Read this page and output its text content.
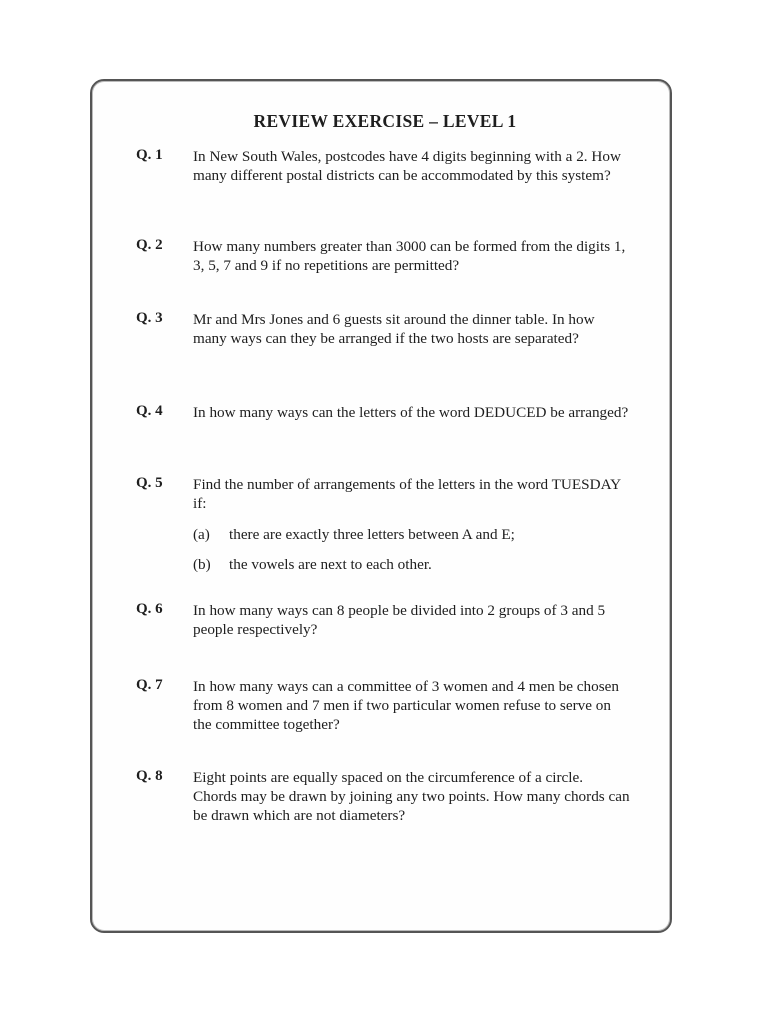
REVIEW EXERCISE – LEVEL 1
Q. 1 In New South Wales, postcodes have 4 digits beginning with a 2. How many different postal districts can be accommodated by this system?
Q. 2 How many numbers greater than 3000 can be formed from the digits 1, 3, 5, 7 and 9 if no repetitions are permitted?
Q. 3 Mr and Mrs Jones and 6 guests sit around the dinner table. In how many ways can they be arranged if the two hosts are separated?
Q. 4 In how many ways can the letters of the word DEDUCED be arranged?
Q. 5 Find the number of arrangements of the letters in the word TUESDAY if:
(a)	there are exactly three letters between A and E;
(b)	the vowels are next to each other.
Q. 6 In how many ways can 8 people be divided into 2 groups of 3 and 5 people respectively?
Q. 7 In how many ways can a committee of 3 women and 4 men be chosen from 8 women and 7 men if two particular women refuse to serve on the committee together?
Q. 8 Eight points are equally spaced on the circumference of a circle. Chords may be drawn by joining any two points. How many chords can be drawn which are not diameters?
